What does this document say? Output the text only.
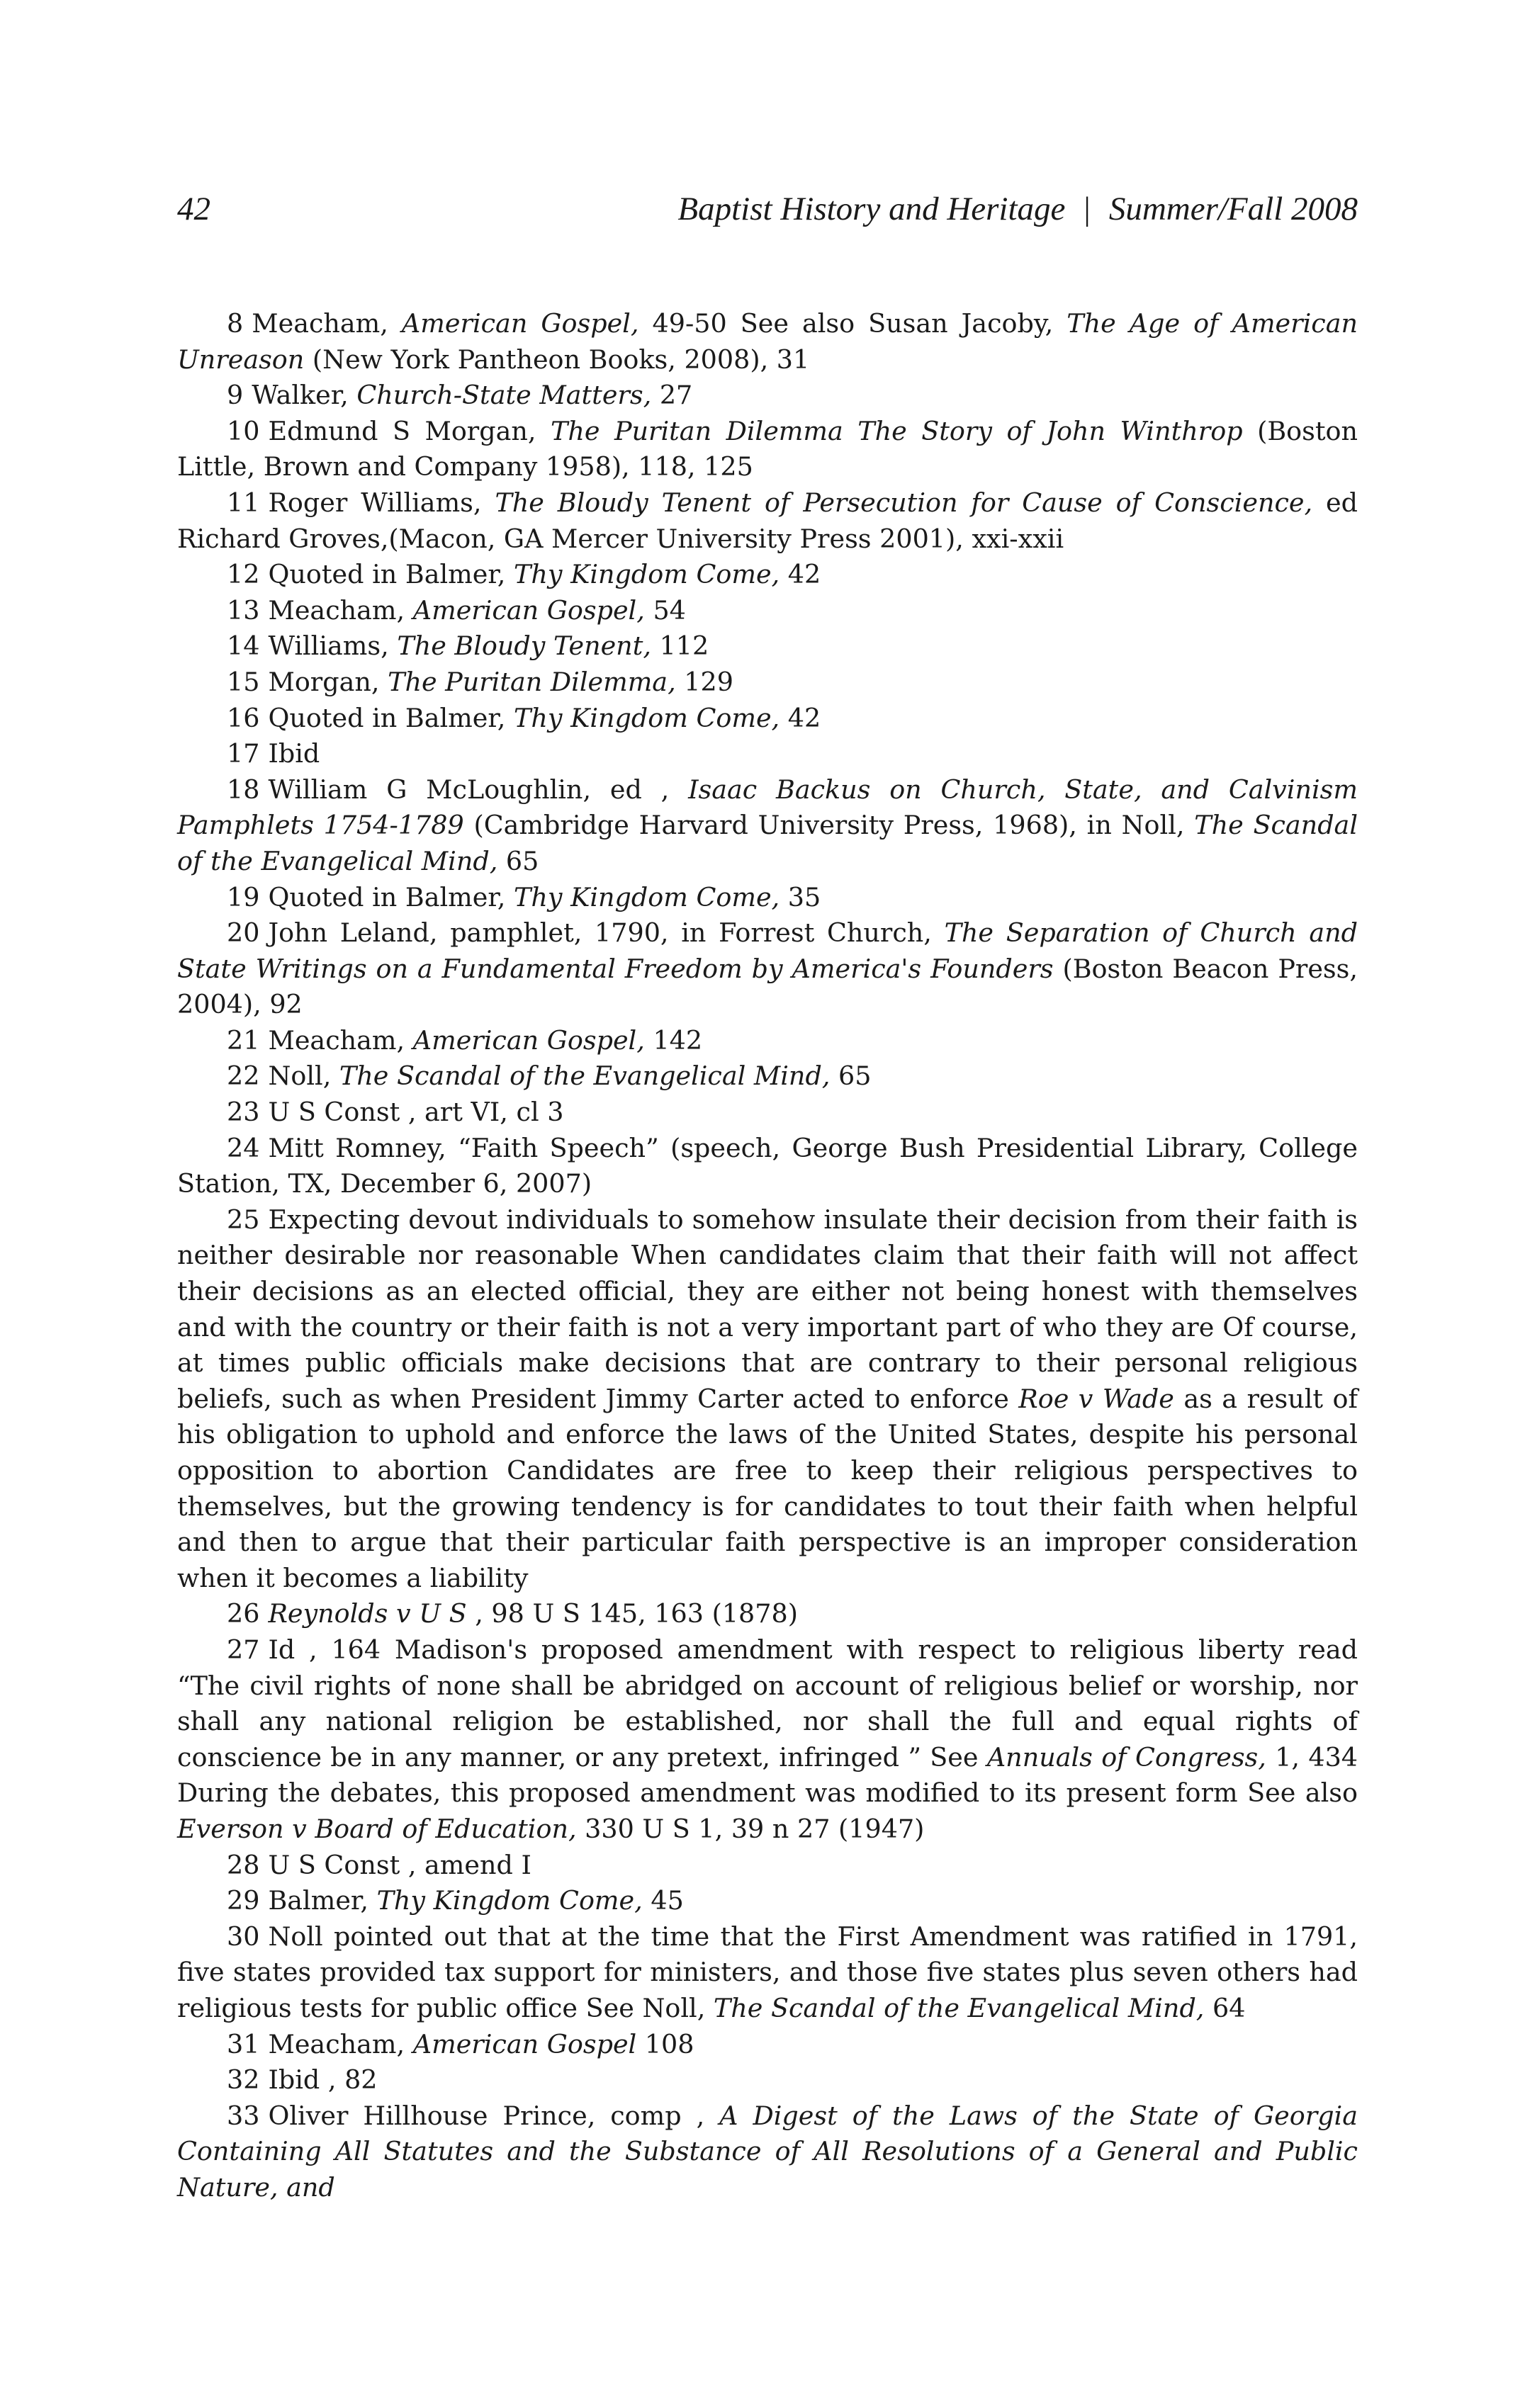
42	Baptist History and Heritage | Summer/Fall 2008

8 Meacham, American Gospel, 49-50 See also Susan Jacoby, The Age of American Unreason (New York Pantheon Books, 2008), 31

9 Walker, Church-State Matters, 27

10 Edmund S Morgan, The Puritan Dilemma The Story of John Winthrop (Boston Little, Brown and Company 1958), 118, 125

11 Roger Williams, The Bloudy Tenent of Persecution for Cause of Conscience, ed Richard Groves,(Macon, GA Mercer University Press 2001), xxi-xxii

12 Quoted in Balmer, Thy Kingdom Come, 42

13 Meacham, American Gospel, 54

14 Williams, The Bloudy Tenent, 112

15 Morgan, The Puritan Dilemma, 129

16 Quoted in Balmer, Thy Kingdom Come, 42

17 Ibid

18 William G McLoughlin, ed , Isaac Backus on Church, State, and Calvinism Pamphlets 1754-1789 (Cambridge Harvard University Press, 1968), in Noll, The Scandal of the Evangelical Mind, 65

19 Quoted in Balmer, Thy Kingdom Come, 35

20 John Leland, pamphlet, 1790, in Forrest Church, The Separation of Church and State Writings on a Fundamental Freedom by America's Founders (Boston Beacon Press, 2004), 92

21 Meacham, American Gospel, 142

22 Noll, The Scandal of the Evangelical Mind, 65

23 U S Const , art VI, cl 3

24 Mitt Romney, “Faith Speech” (speech, George Bush Presidential Library, College Station, TX, December 6, 2007)

25 Expecting devout individuals to somehow insulate their decision from their faith is neither desirable nor reasonable When candidates claim that their faith will not affect their decisions as an elected official, they are either not being honest with themselves and with the country or their faith is not a very important part of who they are Of course, at times public officials make decisions that are contrary to their personal religious beliefs, such as when President Jimmy Carter acted to enforce Roe v Wade as a result of his obligation to uphold and enforce the laws of the United States, despite his personal opposition to abortion Candidates are free to keep their religious perspectives to themselves, but the growing tendency is for candidates to tout their faith when helpful and then to argue that their particular faith perspective is an improper consideration when it becomes a liability

26 Reynolds v U S , 98 U S 145, 163 (1878)

27 Id , 164 Madison's proposed amendment with respect to religious liberty read “The civil rights of none shall be abridged on account of religious belief or worship, nor shall any national religion be established, nor shall the full and equal rights of conscience be in any manner, or any pretext, infringed ” See Annuals of Congress, 1, 434 During the debates, this proposed amendment was modified to its present form See also Everson v Board of Education, 330 U S 1, 39 n 27 (1947)

28 U S Const , amend I

29 Balmer, Thy Kingdom Come, 45

30 Noll pointed out that at the time that the First Amendment was ratified in 1791, five states provided tax support for ministers, and those five states plus seven others had religious tests for public office See Noll, The Scandal of the Evangelical Mind, 64

31 Meacham, American Gospel 108

32 Ibid , 82

33 Oliver Hillhouse Prince, comp , A Digest of the Laws of the State of Georgia Containing All Statutes and the Substance of All Resolutions of a General and Public Nature, and
